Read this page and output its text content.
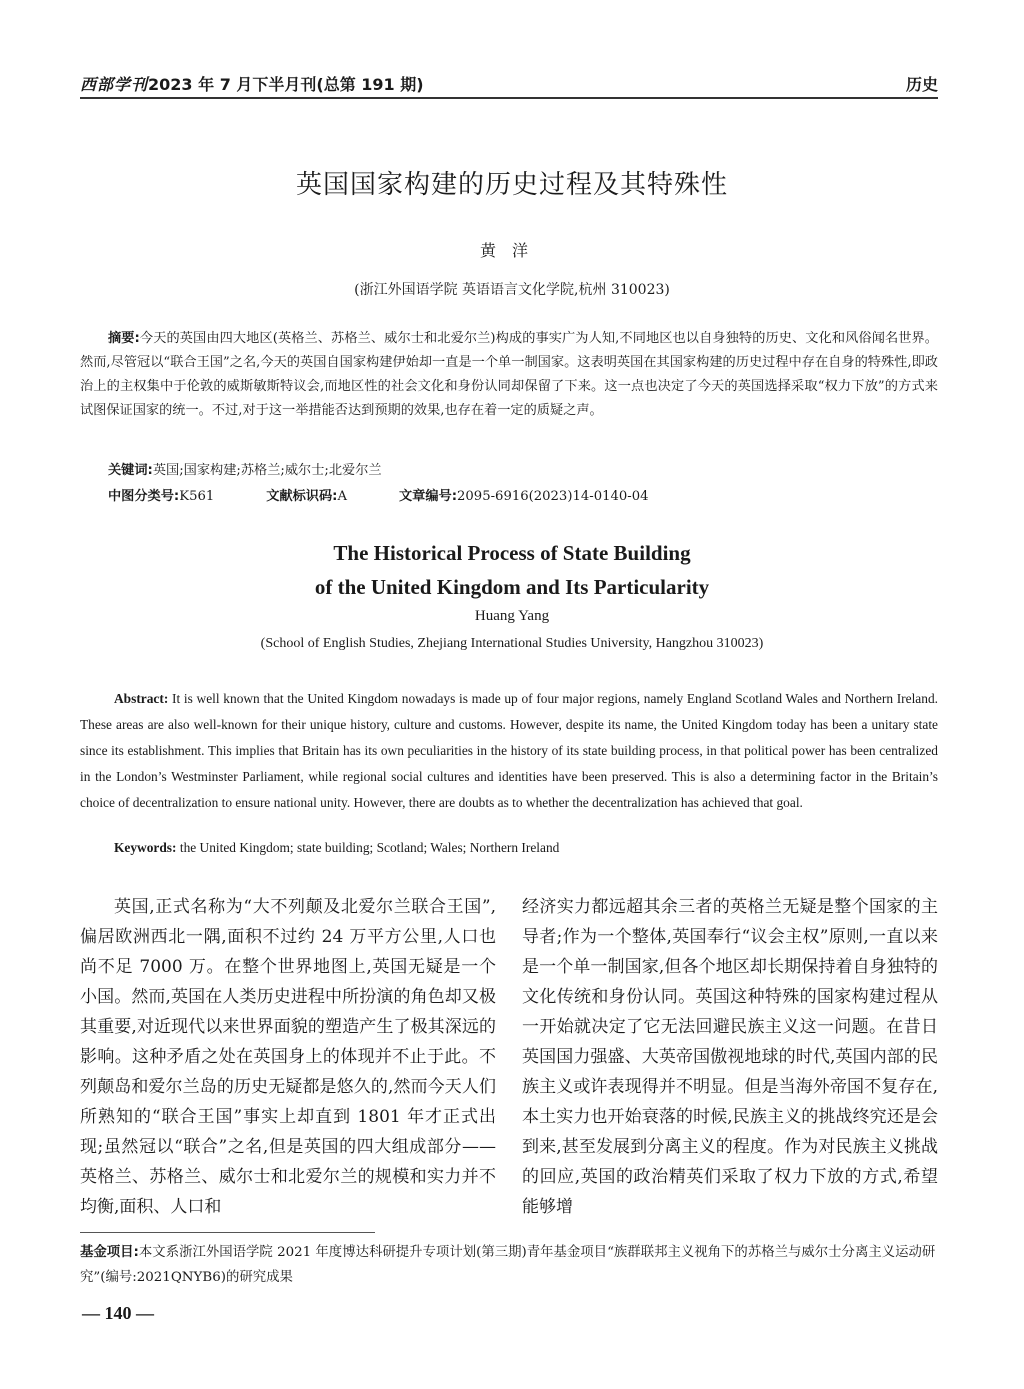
西部学刊2023 年 7 月下半月刊(总第 191 期)	历史
英国国家构建的历史过程及其特殊性
黄洋
(浙江外国语学院 英语语言文化学院,杭州 310023)
摘要:今天的英国由四大地区(英格兰、苏格兰、威尔士和北爱尔兰)构成的事实广为人知,不同地区也以自身独特的历史、文化和风俗闻名世界。然而,尽管冠以“联合王国”之名,今天的英国自国家构建伊始却一直是一个单一制国家。这表明英国在其国家构建的历史过程中存在自身的特殊性,即政治上的主权集中于伦敦的威斯敏斯特议会,而地区性的社会文化和身份认同却保留了下来。这一点也决定了今天的英国选择采取“权力下放”的方式来试图保证国家的统一。不过,对于这一举措能否达到预期的效果,也存在着一定的质疑之声。
关键词:英国;国家构建;苏格兰;威尔士;北爱尔兰
中图分类号:K561	文献标识码:A	文章编号:2095-6916(2023)14-0140-04
The Historical Process of State Building
of the United Kingdom and Its Particularity
Huang Yang
(School of English Studies, Zhejiang International Studies University, Hangzhou 310023)
Abstract: It is well known that the United Kingdom nowadays is made up of four major regions, namely England Scotland Wales and Northern Ireland. These areas are also well-known for their unique history, culture and customs. However, despite its name, the United Kingdom today has been a unitary state since its establishment. This implies that Britain has its own peculiarities in the history of its state building process, in that political power has been centralized in the London’s Westminster Parliament, while regional social cultures and identities have been preserved. This is also a determining factor in the Britain’s choice of decentralization to ensure national unity. However, there are doubts as to whether the decentralization has achieved that goal.
Keywords: the United Kingdom; state building; Scotland; Wales; Northern Ireland
英国,正式名称为“大不列颠及北爱尔兰联合王国”,偏居欧洲西北一隅,面积不过约 24 万平方公里,人口也尚不足 7000 万。在整个世界地图上,英国无疑是一个小国。然而,英国在人类历史进程中所扮演的角色却又极其重要,对近现代以来世界面貌的塑造产生了极其深远的影响。这种矛盾之处在英国身上的体现并不止于此。不列颠岛和爱尔兰岛的历史无疑都是悠久的,然而今天人们所熟知的“联合王国”事实上却直到 1801 年才正式出现;虽然冠以“联合”之名,但是英国的四大组成部分——英格兰、苏格兰、威尔士和北爱尔兰的规模和实力并不均衡,面积、人口和
经济实力都远超其余三者的英格兰无疑是整个国家的主导者;作为一个整体,英国奉行“议会主权”原则,一直以来是一个单一制国家,但各个地区却长期保持着自身独特的文化传统和身份认同。英国这种特殊的国家构建过程从一开始就决定了它无法回避民族主义这一问题。在昔日英国国力强盛、大英帝国傲视地球的时代,英国内部的民族主义或许表现得并不明显。但是当海外帝国不复存在,本土实力也开始衰落的时候,民族主义的挑战终究还是会到来,甚至发展到分离主义的程度。作为对民族主义挑战的回应,英国的政治精英们采取了权力下放的方式,希望能够增
基金项目:本文系浙江外国语学院 2021 年度博达科研提升专项计划(第三期)青年基金项目“族群联邦主义视角下的苏格兰与威尔士分离主义运动研究”(编号:2021QNYB6)的研究成果
— 140 —
